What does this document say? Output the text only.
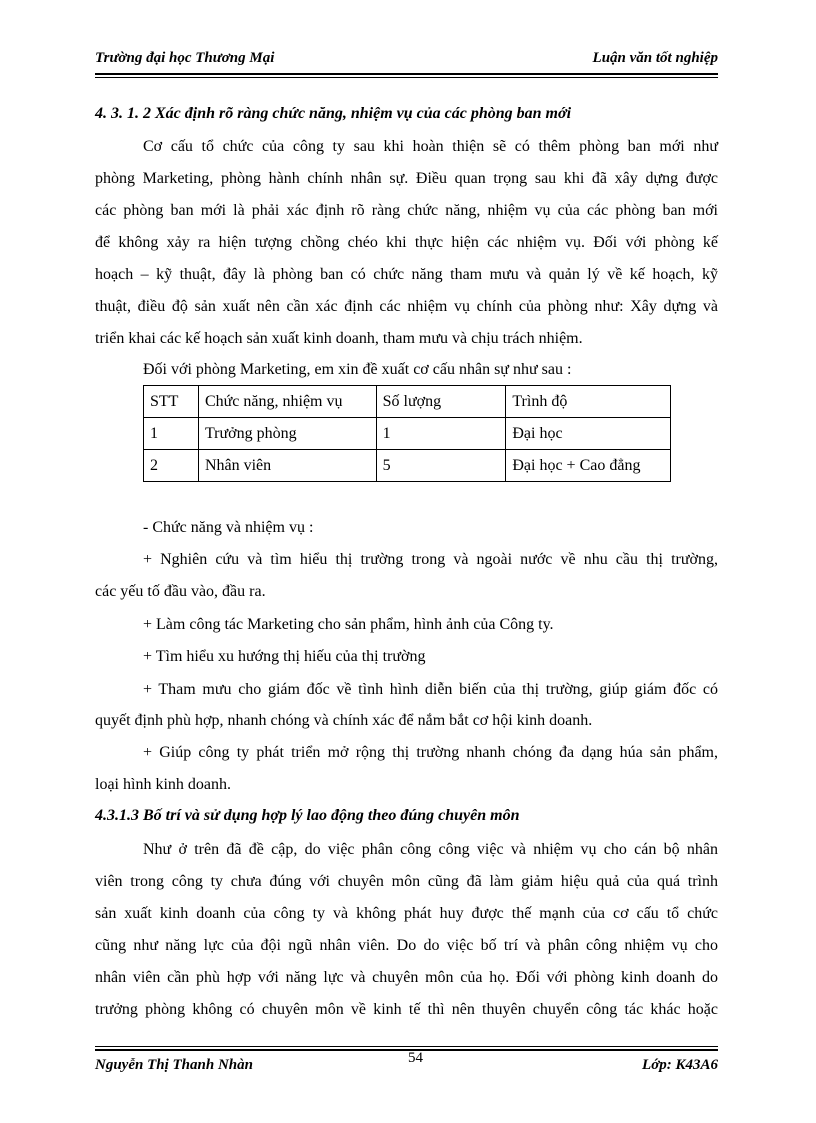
Trường đại học Thương Mại	Luận văn tốt nghiệp
4. 3. 1. 2 Xác định rõ ràng chức năng, nhiệm vụ của các phòng ban mới
Cơ cấu tổ chức của công ty sau khi hoàn thiện sẽ có thêm phòng ban mới như
phòng Marketing, phòng hành chính nhân sự. Điều quan trọng sau khi đã xây dựng được
các phòng ban mới là phải xác định rõ ràng chức năng, nhiệm vụ của các phòng ban mới
để không xảy ra hiện tượng chồng chéo khi thực hiện các nhiệm vụ. Đối với phòng kế
hoạch – kỹ thuật, đây là phòng ban có chức năng tham mưu và quản lý về kế hoạch, kỹ
thuật, điều độ sản xuất nên cần xác định các nhiệm vụ chính của phòng như: Xây dựng và
triển khai các kế hoạch sản xuất kinh doanh, tham mưu và chịu trách nhiệm.
Đối với phòng Marketing, em xin đề xuất cơ cấu nhân sự như sau :
STT	Chức năng, nhiệm vụ	Số lượng	Trình độ
1	Trưởng phòng	1	Đại học
2	Nhân viên	5	Đại học + Cao đẳng
- Chức năng và nhiệm vụ :
+ Nghiên cứu và tìm hiểu thị trường trong và ngoài nước về nhu cầu thị trường,
các yếu tố đầu vào, đầu ra.
+ Làm công tác Marketing cho sản phẩm, hình ảnh của Công ty.
+ Tìm hiểu xu hướng thị hiếu của thị trường
+ Tham mưu cho giám đốc về tình hình diễn biến của thị trường, giúp giám đốc có
quyết định phù hợp, nhanh chóng và chính xác để nắm bắt cơ hội kinh doanh.
+ Giúp công ty phát triển mở rộng thị trường nhanh chóng đa dạng húa sản phẩm,
loại hình kinh doanh.
4.3.1.3 Bố trí và sử dụng hợp lý lao động theo đúng chuyên môn
Như ở trên đã đề cập, do việc phân công công việc và nhiệm vụ cho cán bộ nhân
viên trong công ty chưa đúng với chuyên môn cũng đã làm giảm hiệu quả của quá trình
sản xuất kinh doanh của công ty và không phát huy được thế mạnh của cơ cấu tổ chức
cũng như năng lực của đội ngũ nhân viên. Do do việc bố trí và phân công nhiệm vụ cho
nhân viên cần phù hợp với năng lực và chuyên môn của họ. Đối với phòng kinh doanh do
trưởng phòng không có chuyên môn về kinh tế thì nên thuyên chuyển công tác khác hoặc
Nguyễn Thị Thanh Nhàn	54	Lớp: K43A6
